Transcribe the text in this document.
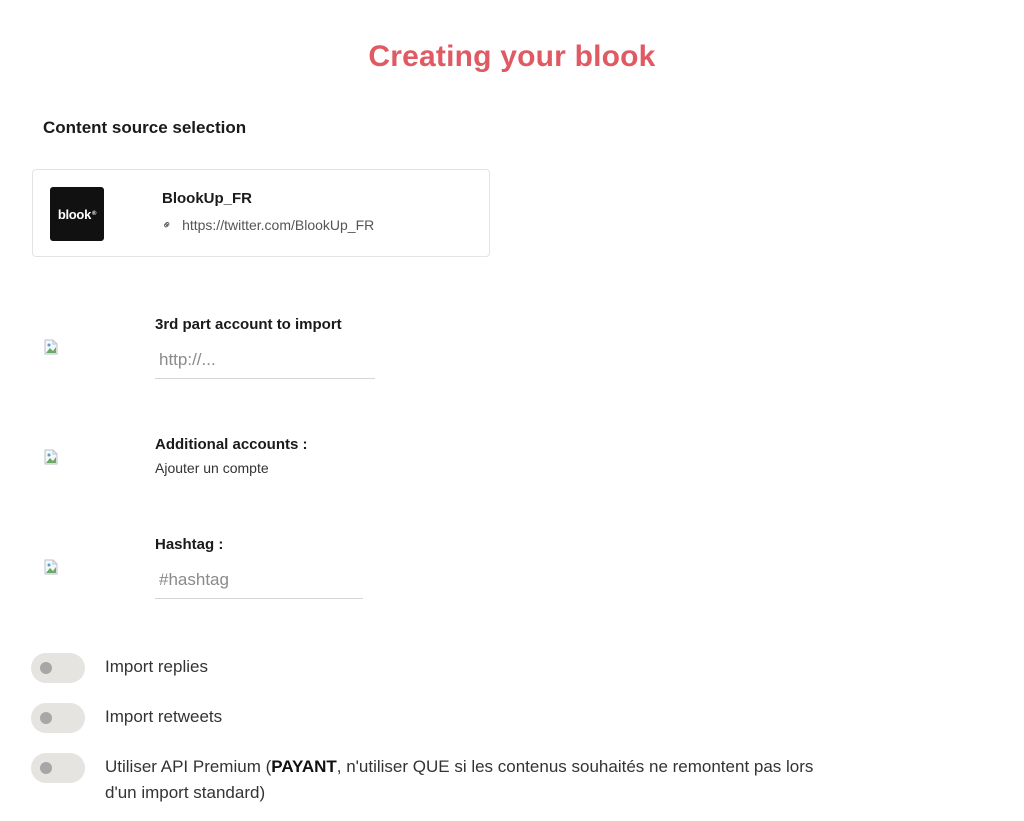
Creating your blook
Content source selection
blook ®
BlookUp_FR
⚭ https://twitter.com/BlookUp_FR
3rd part account to import
http://...
Additional accounts :
Ajouter un compte
Hashtag :
#hashtag
Import replies
Import retweets
Utiliser API Premium (PAYANT, n'utiliser QUE si les contenus souhaités ne remontent pas lors
d'un import standard)
